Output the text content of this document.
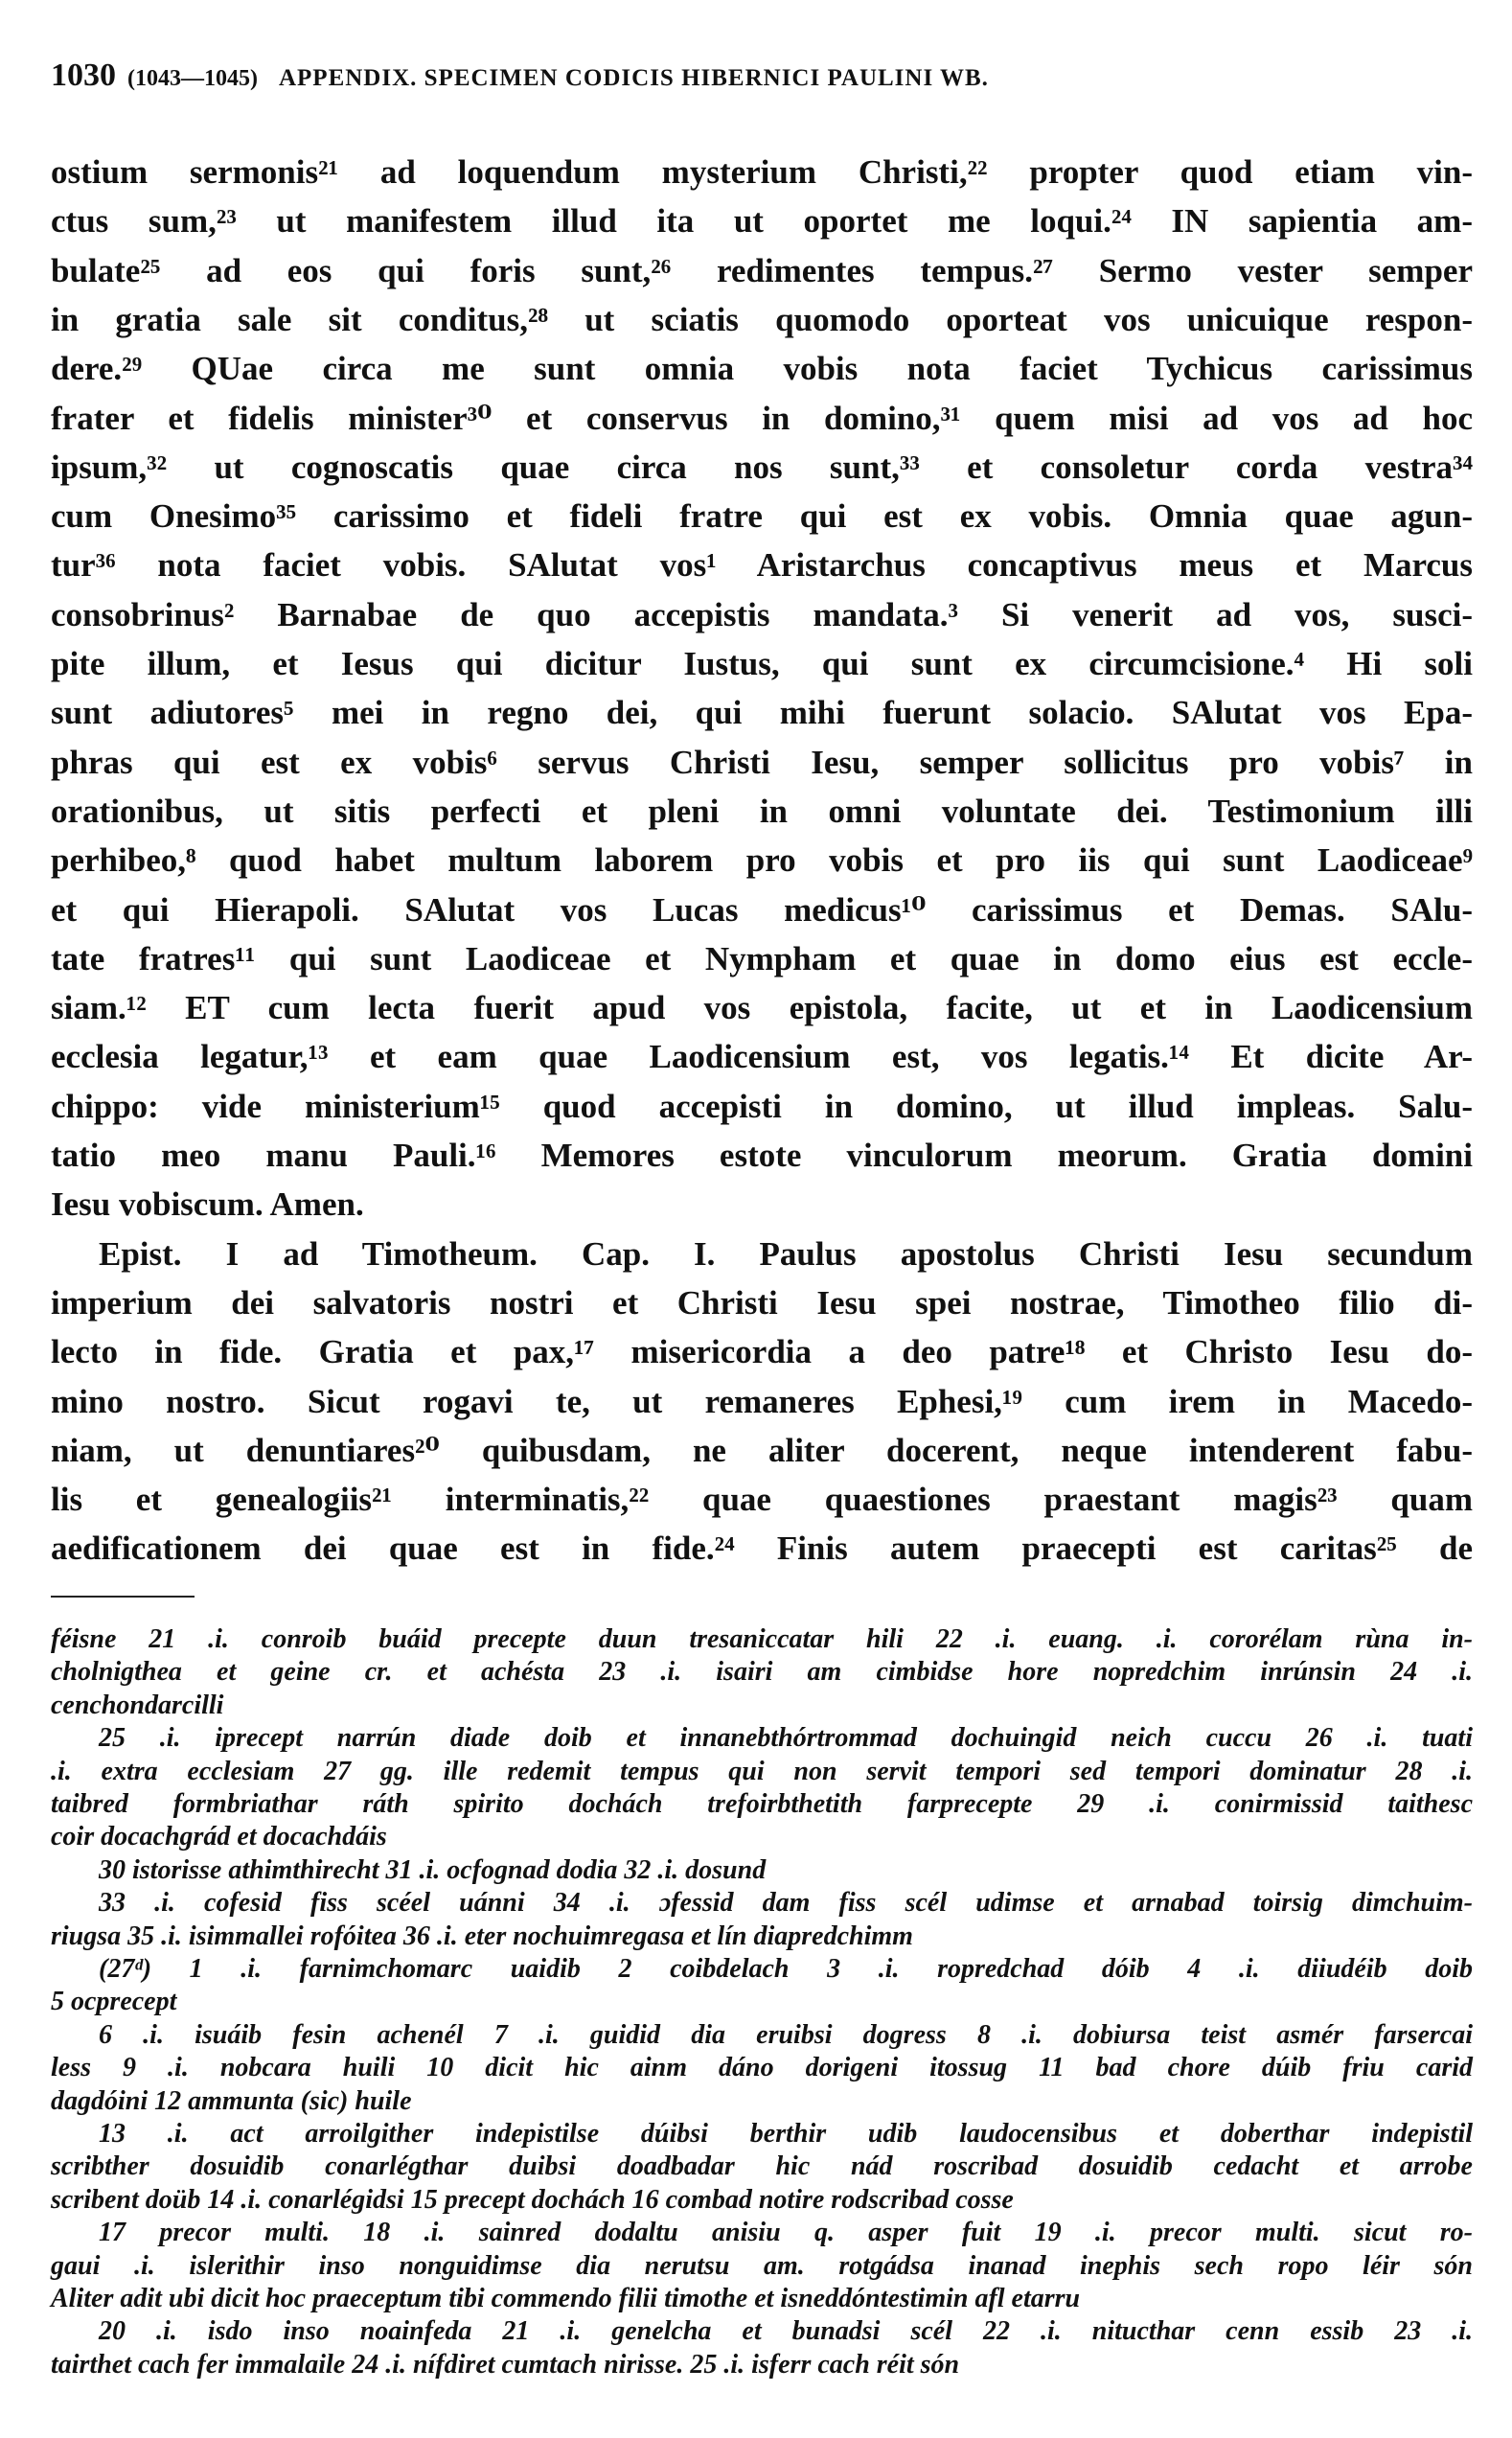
1030 (1043—1045) APPENDIX. SPECIMEN CODICIS HIBERNICI PAULINI WB.
ostium sermonis²¹ ad loquendum mysterium Christi,²² propter quod etiam vin-
ctus sum,²³ ut manifestem illud ita ut oportet me loqui.²⁴ IN sapientia am-
bulate²⁵ ad eos qui foris sunt,²⁶ redimentes tempus.²⁷ Sermo vester semper
in gratia sale sit conditus,²⁸ ut sciatis quomodo oporteat vos unicuique respon-
dere.²⁹ QUae circa me sunt omnia vobis nota faciet Tychicus carissimus
frater et fidelis minister³⁰ et conservus in domino,³¹ quem misi ad vos ad hoc
ipsum,³² ut cognoscatis quae circa nos sunt,³³ et consoletur corda vestra³⁴
cum Onesimo³⁵ carissimo et fideli fratre qui est ex vobis. Omnia quae agun-
tur³⁶ nota faciet vobis. SAlutat vos¹ Aristarchus concaptivus meus et Marcus
consobrinus² Barnabae de quo accepistis mandata.³ Si venerit ad vos, susci-
pite illum, et Iesus qui dicitur Iustus, qui sunt ex circumcisione.⁴ Hi soli
sunt adiutores⁵ mei in regno dei, qui mihi fuerunt solacio. SAlutat vos Epa-
phras qui est ex vobis⁶ servus Christi Iesu, semper sollicitus pro vobis⁷ in
orationibus, ut sitis perfecti et pleni in omni voluntate dei. Testimonium illi
perhibeo,⁸ quod habet multum laborem pro vobis et pro iis qui sunt Laodiceae⁹
et qui Hierapoli. SAlutat vos Lucas medicus¹⁰ carissimus et Demas. SAlu-
tate fratres¹¹ qui sunt Laodiceae et Nympham et quae in domo eius est eccle-
siam.¹² ET cum lecta fuerit apud vos epistola, facite, ut et in Laodicensium
ecclesia legatur,¹³ et eam quae Laodicensium est, vos legatis.¹⁴ Et dicite Ar-
chippo: vide ministerium¹⁵ quod accepisti in domino, ut illud impleas. Salu-
tatio meo manu Pauli.¹⁶ Memores estote vinculorum meorum. Gratia domini
Iesu vobiscum. Amen.
Epist. I ad Timotheum. Cap. I. Paulus apostolus Christi Iesu secundum
imperium dei salvatoris nostri et Christi Iesu spei nostrae, Timotheo filio di-
lecto in fide. Gratia et pax,¹⁷ misericordia a deo patre¹⁸ et Christo Iesu do-
mino nostro. Sicut rogavi te, ut remaneres Ephesi,¹⁹ cum irem in Macedo-
niam, ut denuntiares²⁰ quibusdam, ne aliter docerent, neque intenderent fabu-
lis et genealogiis²¹ interminatis,²² quae quaestiones praestant magis²³ quam
aedificationem dei quae est in fide.²⁴ Finis autem praecepti est caritas²⁵ de
féisne 21 .i. conroib buáid precepte duun tresanicc​atar hili 22 .i. euang. .i. cororélam rùna in-
cholnigthea et geine cr. et achésta 23 .i. isairi am cimbidse hore nopredchim inrúnsin 24 .i.
cenchondarcilli
25 .i. iprecept narrún diade doib et innanebthórtrommad dochuingid neich cuccu 26 .i. tuati
.i. extra ecclesiam 27 gg. ille redemit tempus qui non servit tempori sed tempori dominatur 28 .i.
taibred formbriathar ráth spirito dochách trefoirbthetith farprecepte 29 .i. conirmissid taithesc
coir docachgrád et docachdáis
30 istorisse athimthirecht 31 .i. ocfognad dodia 32 .i. dosund
33 .i. cofesid fiss scéel uánni 34 .i. ɔfessid dam fiss scél udimse et arnabad toirsig dimchuim-
riugsa 35 .i. isimmallei rofóitea 36 .i. eter nochuimregasa et lín diapredchimm
(27ᵈ) 1 .i. farnimchomarc uaidib 2 coibdelach 3 .i. ropredchad dóib 4 .i. diiudéib doib
5 ocprecept
6 .i. isuáib fesin achenél 7 .i. guidid dia eruibsi dogress 8 .i. dobiursa teist asmér farsercai
less 9 .i. nobcara huili 10 dicit hic ainm dáno dorigeni itossug 11 bad chore dúib friu carid
dagdóini 12 ammunta (sic) huile
13 .i. act arroilgither indepistilse dúibsi berthir udib laudocensibus et doberthar indepistil
scribther dosuidib conarlégthar duibsi doadbadar hic nád roscribad dosuidib cedacht et arrobe
scribent doüb 14 .i. conarlégidsi 15 precept dochách 16 combad notire rodscribad cosse
17 precor multi. 18 .i. sainred dodaltu anisiu q. asper fuit 19 .i. precor multi. sicut ro-
gaui .i. islerithir inso nonguidimse dia nerutsu am. rotgádsa inanad inephis sech ropo léir són
Aliter adit ubi dicit hoc praeceptum tibi commendo filii timothe et isneddóntestimin afl etarru
20 .i. isdo inso noainfeda 21 .i. genelcha et bunadsi scél 22 .i. nitucthar cenn essib 23 .i.
tairthet cach fer immalaile 24 .i. nífdiret cumtach nirisse. 25 .i. isferr cach réit són
